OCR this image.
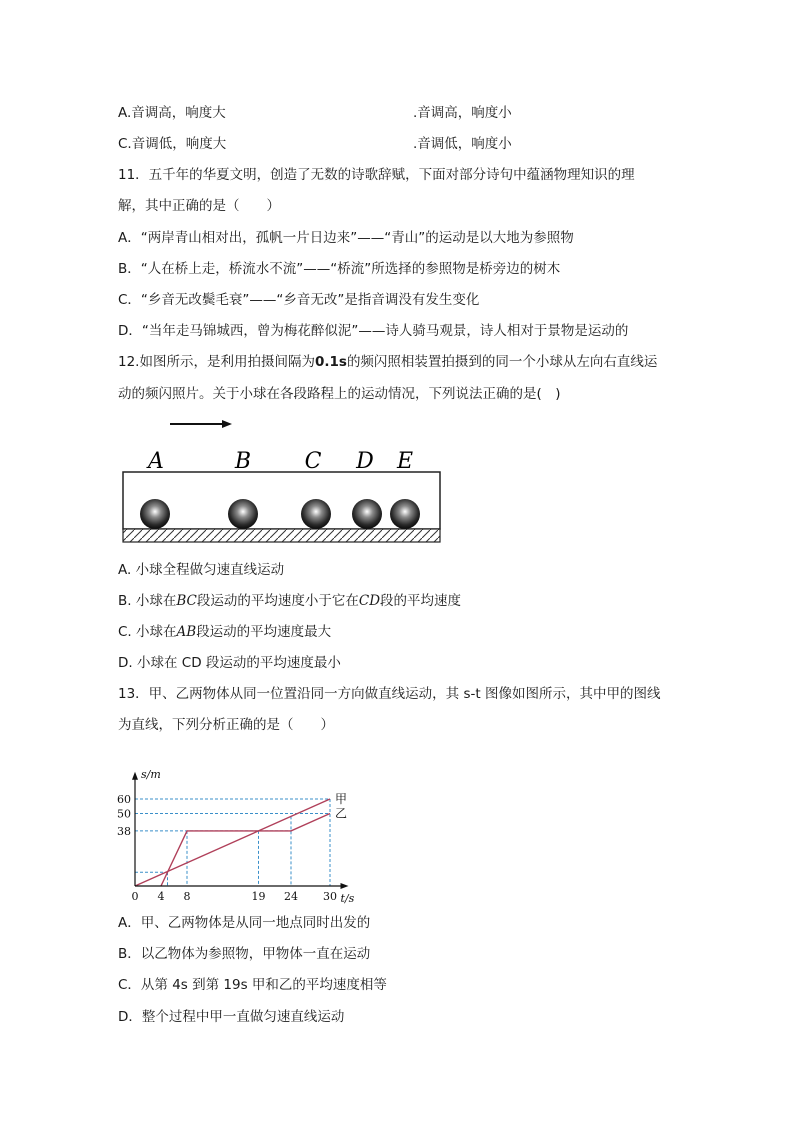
A.音调高，响度大	.音调高，响度小
C.音调低，响度大	.音调低，响度小
11．五千年的华夏文明，创造了无数的诗歌辞赋，下面对部分诗句中蕴涵物理知识的理
解，其中正确的是（　　）
A．“两岸青山相对出，孤帆一片日边来”——“青山”的运动是以大地为参照物
B．“人在桥上走，桥流水不流”——“桥流”所选择的参照物是桥旁边的树木
C．“乡音无改鬓毛衰”——“乡音无改”是指音调没有发生变化
D．“当年走马锦城西，曾为梅花醉似泥”——诗人骑马观景，诗人相对于景物是运动的
12.如图所示，是利用拍摄间隔为0.1s的频闪照相装置拍摄到的同一个小球从左向右直线运
动的频闪照片。关于小球在各段路程上的运动情况，下列说法正确的是(　)
A	B C D E
A. 小球全程做匀速直线运动
B. 小球在BC段运动的平均速度小于它在CD段的平均速度
C. 小球在AB段运动的平均速度最大
D. 小球在 CD 段运动的平均速度最小
13．甲、乙两物体从同一位置沿同一方向做直线运动，其 s-t 图像如图所示，其中甲的图线
为直线，下列分析正确的是（　　）
甲
乙
s/m
t/s
0 4 8	19 24 30
38
50
60
A．甲、乙两物体是从同一地点同时出发的
B．以乙物体为参照物，甲物体一直在运动
C．从第 4s 到第 19s 甲和乙的平均速度相等
D．整个过程中甲一直做匀速直线运动
